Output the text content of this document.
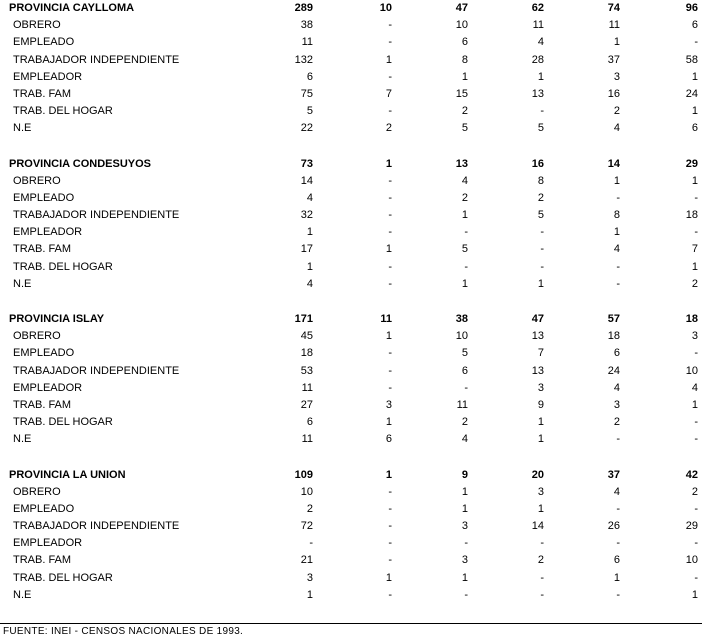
PROVINCIA CAYLLOMA	289	10	47	62	74	96
OBRERO	38	-	10	11	11	6
EMPLEADO	11	-	6	4	1	-
TRABAJADOR INDEPENDIENTE	132	1	8	28	37	58
EMPLEADOR	6	-	1	1	3	1
TRAB. FAM	75	7	15	13	16	24
TRAB. DEL HOGAR	5	-	2	-	2	1
N.E	22	2	5	5	4	6
PROVINCIA CONDESUYOS	73	1	13	16	14	29
OBRERO	14	-	4	8	1	1
EMPLEADO	4	-	2	2	-	-
TRABAJADOR INDEPENDIENTE	32	-	1	5	8	18
EMPLEADOR	1	-	-	-	1	-
TRAB. FAM	17	1	5	-	4	7
TRAB. DEL HOGAR	1	-	-	-	-	1
N.E	4	-	1	1	-	2
PROVINCIA ISLAY	171	11	38	47	57	18
OBRERO	45	1	10	13	18	3
EMPLEADO	18	-	5	7	6	-
TRABAJADOR INDEPENDIENTE	53	-	6	13	24	10
EMPLEADOR	11	-	-	3	4	4
TRAB. FAM	27	3	11	9	3	1
TRAB. DEL HOGAR	6	1	2	1	2	-
N.E	11	6	4	1	-	-
PROVINCIA LA UNION	109	1	9	20	37	42
OBRERO	10	-	1	3	4	2
EMPLEADO	2	-	1	1	-	-
TRABAJADOR INDEPENDIENTE	72	-	3	14	26	29
EMPLEADOR	-	-	-	-	-	-
TRAB. FAM	21	-	3	2	6	10
TRAB. DEL HOGAR	3	1	1	-	1	-
N.E	1	-	-	-	-	1
FUENTE: INEI - CENSOS NACIONALES DE 1993.
